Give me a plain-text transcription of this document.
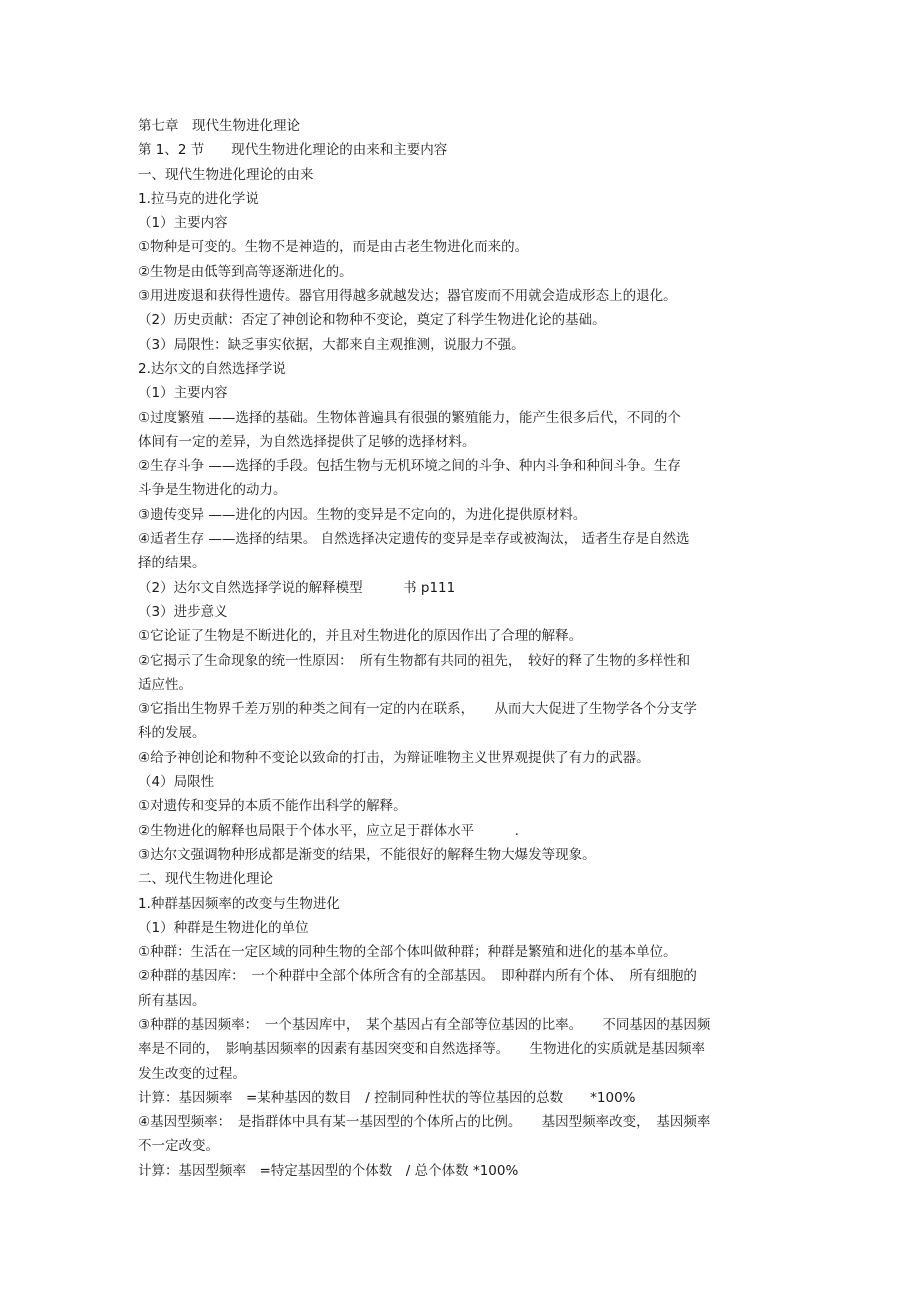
第七章　现代生物进化理论
第 1、2 节　　现代生物进化理论的由来和主要内容
一、现代生物进化理论的由来
1.拉马克的进化学说
（1）主要内容
①物种是可变的。生物不是神造的，而是由古老生物进化而来的。
②生物是由低等到高等逐渐进化的。
③用进废退和获得性遗传。器官用得越多就越发达；器官废而不用就会造成形态上的退化。
（2）历史贡献：否定了神创论和物种不变论，奠定了科学生物进化论的基础。
（3）局限性：缺乏事实依据，大都来自主观推测，说服力不强。
2.达尔文的自然选择学说
（1）主要内容
①过度繁殖 ——选择的基础。生物体普遍具有很强的繁殖能力，能产生很多后代，不同的个
体间有一定的差异，为自然选择提供了足够的选择材料。
②生存斗争 ——选择的手段。包括生物与无机环境之间的斗争、种内斗争和种间斗争。生存
斗争是生物进化的动力。
③遗传变异 ——进化的内因。生物的变异是不定向的，为进化提供原材料。
④适者生存 ——选择的结果。 自然选择决定遗传的变异是幸存或被淘汰， 适者生存是自然选
择的结果。
（2）达尔文自然选择学说的解释模型　　　书 p111
（3）进步意义
①它论证了生物是不断进化的，并且对生物进化的原因作出了合理的解释。
②它揭示了生命现象的统一性原因：　所有生物都有共同的祖先，　较好的释了生物的多样性和
适应性。
③它指出生物界千差万别的种类之间有一定的内在联系，　　从而大大促进了生物学各个分支学
科的发展。
④给予神创论和物种不变论以致命的打击，为辩证唯物主义世界观提供了有力的武器。
（4）局限性
①对遗传和变异的本质不能作出科学的解释。
②生物进化的解释也局限于个体水平，应立足于群体水平　　　.
③达尔文强调物种形成都是渐变的结果，不能很好的解释生物大爆发等现象。
二、现代生物进化理论
1.种群基因频率的改变与生物进化
（1）种群是生物进化的单位
①种群：生活在一定区域的同种生物的全部个体叫做种群；种群是繁殖和进化的基本单位。
②种群的基因库：　一个种群中全部个体所含有的全部基因。　即种群内所有个体、　所有细胞的
所有基因。
③种群的基因频率：　一个基因库中，　某个基因占有全部等位基因的比率。　　不同基因的基因频
率是不同的，　影响基因频率的因素有基因突变和自然选择等。　　生物进化的实质就是基因频率
发生改变的过程。
计算：基因频率　=某种基因的数目　/ 控制同种性状的等位基因的总数　　*100%
④基因型频率：　是指群体中具有某一基因型的个体所占的比例。　　基因型频率改变，　基因频率
不一定改变。
计算：基因型频率　=特定基因型的个体数　/ 总个体数 *100%
